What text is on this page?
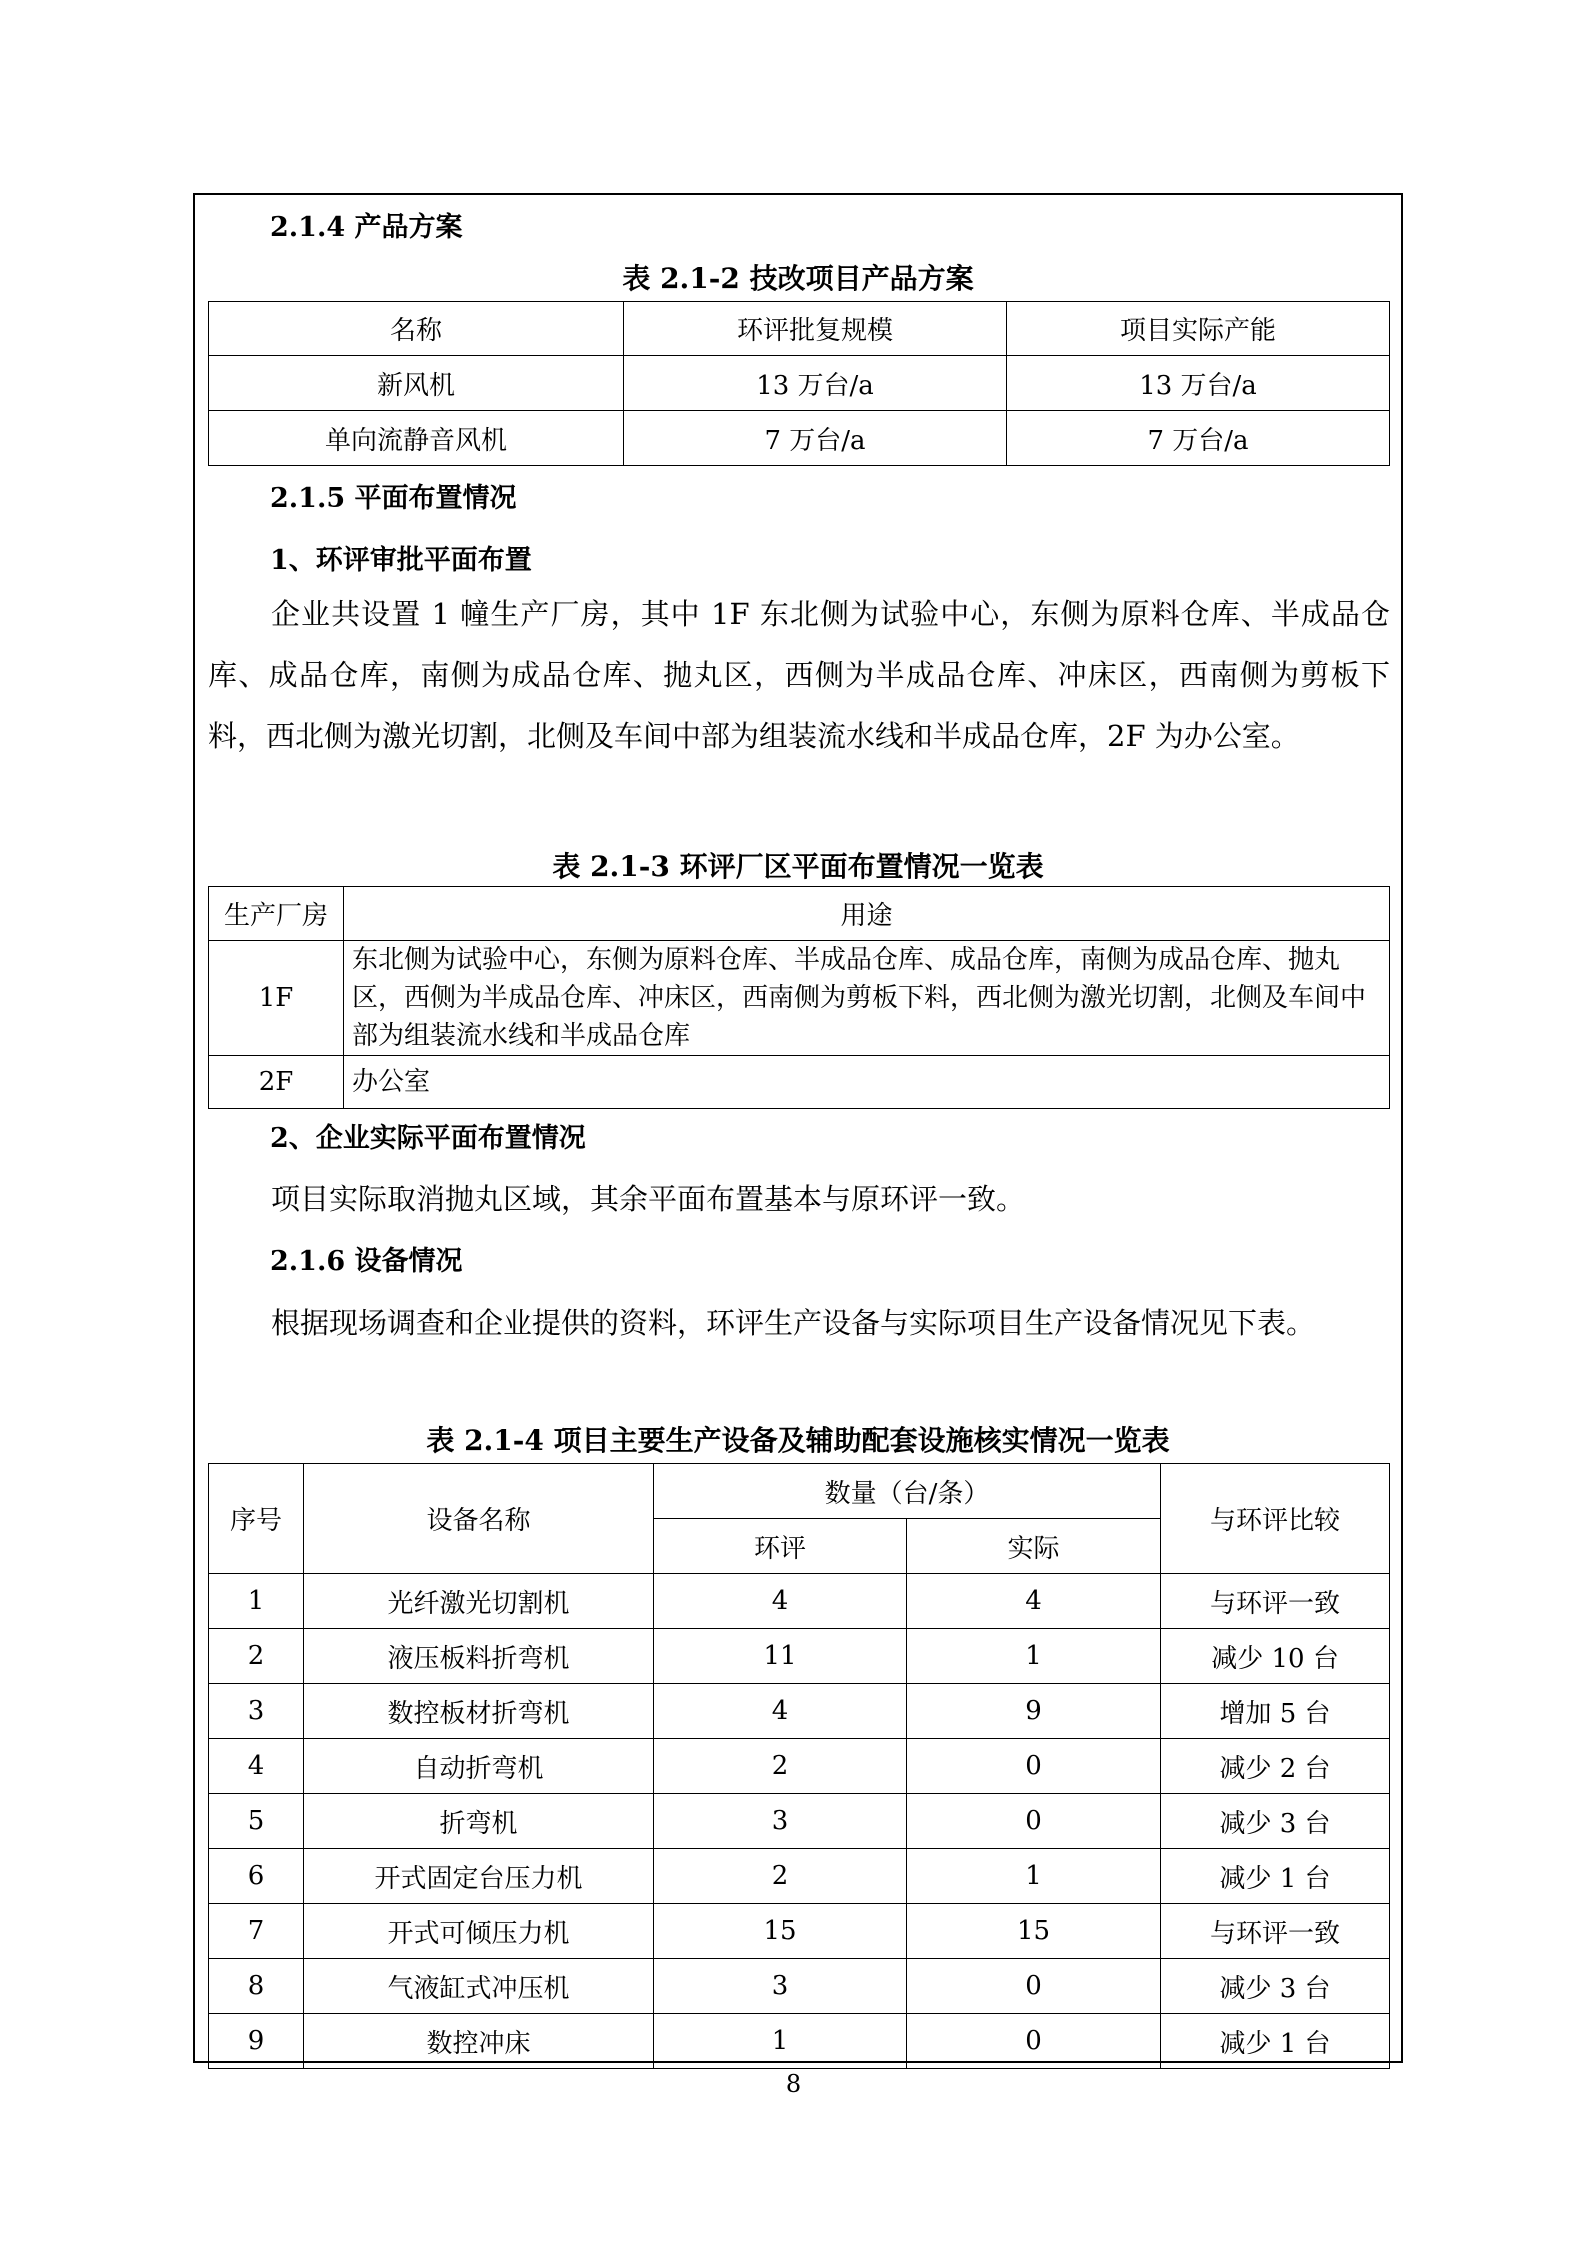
2.1.4 产品方案
表 2.1-2 技改项目产品方案
名称	环评批复规模	项目实际产能
新风机	13 万台/a	13 万台/a
单向流静音风机	7 万台/a	7 万台/a
2.1.5 平面布置情况
1、环评审批平面布置

企业共设置 1 幢生产厂房，其中 1F 东北侧为试验中心，东侧为原料仓库、半成品仓库、成品仓库，南侧为成品仓库、抛丸区，西侧为半成品仓库、冲床区，西南侧为剪板下料，西北侧为激光切割，北侧及车间中部为组装流水线和半成品仓库，2F 为办公室。

表 2.1-3 环评厂区平面布置情况一览表
生产厂房	用途
1F	东北侧为试验中心，东侧为原料仓库、半成品仓库、成品仓库，南侧为成品仓库、抛丸区，西侧为半成品仓库、冲床区，西南侧为剪板下料，西北侧为激光切割，北侧及车间中部为组装流水线和半成品仓库
2F	办公室
2、企业实际平面布置情况

项目实际取消抛丸区域，其余平面布置基本与原环评一致。

2.1.6 设备情况

根据现场调查和企业提供的资料，环评生产设备与实际项目生产设备情况见下表。

表 2.1-4 项目主要生产设备及辅助配套设施核实情况一览表
序号	设备名称	数量（台/条）		与环评比较
		环评	实际	
1	光纤激光切割机	4	4	与环评一致
2	液压板料折弯机	11	1	减少 10 台
3	数控板材折弯机	4	9	增加 5 台
4	自动折弯机	2	0	减少 2 台
5	折弯机	3	0	减少 3 台
6	开式固定台压力机	2	1	减少 1 台
7	开式可倾压力机	15	15	与环评一致
8	气液缸式冲压机	3	0	减少 3 台
9	数控冲床	1	0	减少 1 台
8
